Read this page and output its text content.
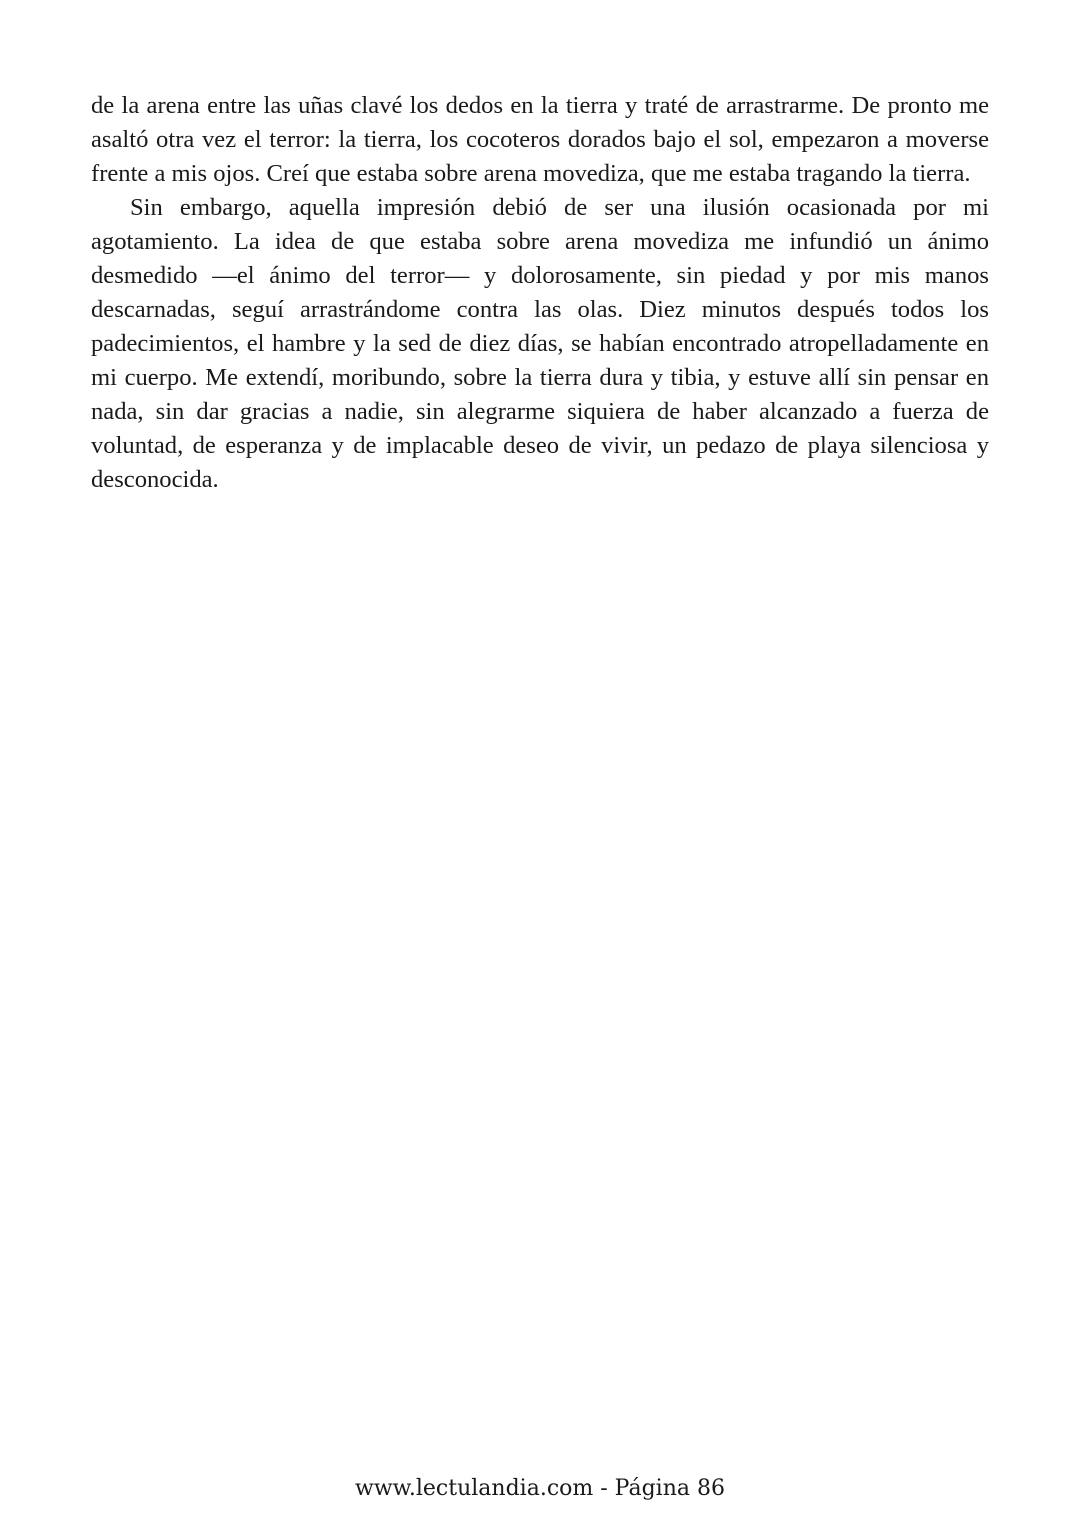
de la arena entre las uñas clavé los dedos en la tierra y traté de arrastrarme. De pronto me asaltó otra vez el terror: la tierra, los cocoteros dorados bajo el sol, empezaron a moverse frente a mis ojos. Creí que estaba sobre arena movediza, que me estaba tragando la tierra.

Sin embargo, aquella impresión debió de ser una ilusión ocasionada por mi agotamiento. La idea de que estaba sobre arena movediza me infundió un ánimo desmedido —el ánimo del terror— y dolorosamente, sin piedad y por mis manos descarnadas, seguí arrastrándome contra las olas. Diez minutos después todos los padecimientos, el hambre y la sed de diez días, se habían encontrado atropelladamente en mi cuerpo. Me extendí, moribundo, sobre la tierra dura y tibia, y estuve allí sin pensar en nada, sin dar gracias a nadie, sin alegrarme siquiera de haber alcanzado a fuerza de voluntad, de esperanza y de implacable deseo de vivir, un pedazo de playa silenciosa y desconocida.

www.lectulandia.com - Página 86
